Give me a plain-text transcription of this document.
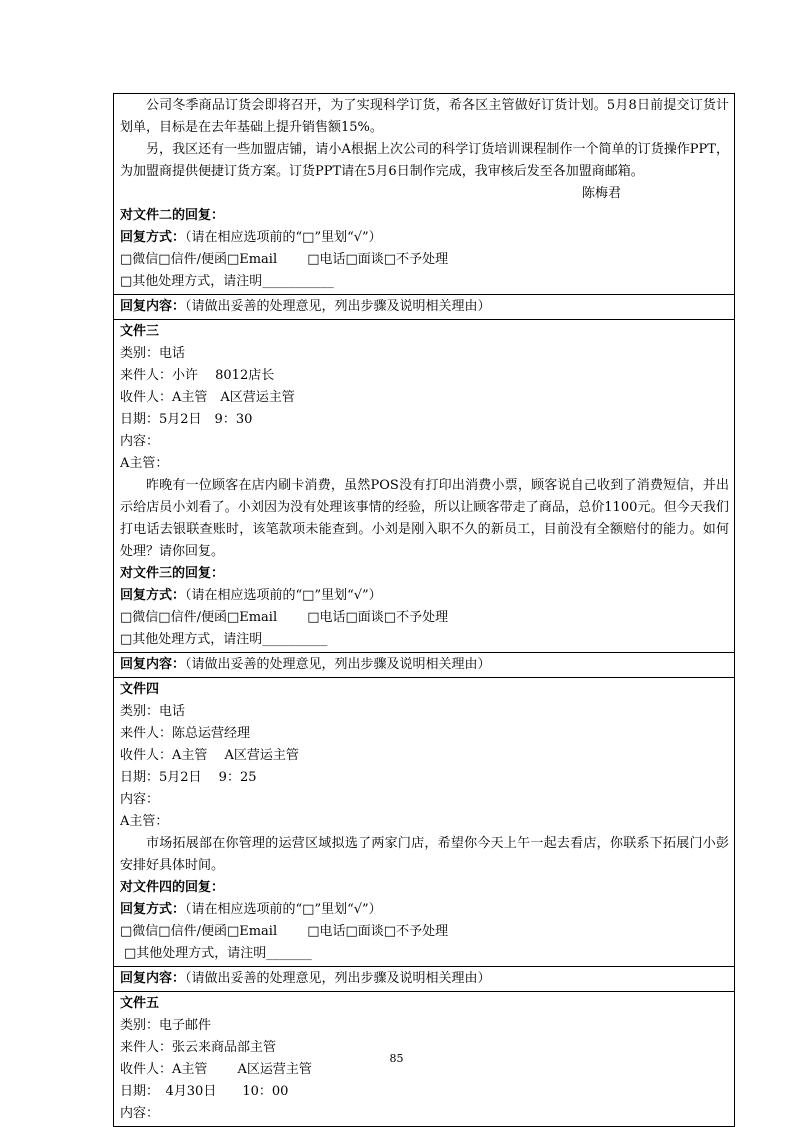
公司冬季商品订货会即将召开，为了实现科学订货，希各区主管做好订货计划。5月8日前提交订货计划单，目标是在去年基础上提升销售额15%。
另，我区还有一些加盟店铺，请小A根据上次公司的科学订货培训课程制作一个简单的订货操作PPT，为加盟商提供便捷订货方案。订货PPT请在5月6日制作完成，我审核后发至各加盟商邮箱。
陈梅君
对文件二的回复：
回复方式：（请在相应选项前的“□”里划“√”）
□微信□信件/便函□Email　　 □电话□面谈□不予处理
□其他处理方式，请注明___________
回复内容：（请做出妥善的处理意见，列出步骤及说明相关理由）
文件三
类别：电话
来件人：小许　 8012店长
收件人：A主管　A区营运主管
日期：5月2日　9：30
内容：
A主管：
昨晚有一位顾客在店内刷卡消费，虽然POS没有打印出消费小票，顾客说自己收到了消费短信，并出示给店员小刘看了。小刘因为没有处理该事情的经验，所以让顾客带走了商品，总价1100元。但今天我们打电话去银联查账时，该笔款项未能查到。小刘是刚入职不久的新员工，目前没有全额赔付的能力。如何处理？请你回复。
对文件三的回复：
回复方式：（请在相应选项前的“□”里划“√”）
□微信□信件/便函□Email　　 □电话□面谈□不予处理
□其他处理方式，请注明__________
回复内容：（请做出妥善的处理意见，列出步骤及说明相关理由）
文件四
类别：电话
来件人：陈总运营经理
收件人：A主管　 A区营运主管
日期：5月2日　 9：25
内容：
A主管：
市场拓展部在你管理的运营区域拟选了两家门店，希望你今天上午一起去看店，你联系下拓展门小彭安排好具体时间。
对文件四的回复：
回复方式：（请在相应选项前的“□”里划“√”）
□微信□信件/便函□Email　　 □电话□面谈□不予处理
□其他处理方式，请注明_______
回复内容：（请做出妥善的处理意见，列出步骤及说明相关理由）
文件五
类别：电子邮件
来件人：张云来商品部主管
收件人：A主管　　 A区运营主管
日期：　4月30日　　10：00
内容：
85
